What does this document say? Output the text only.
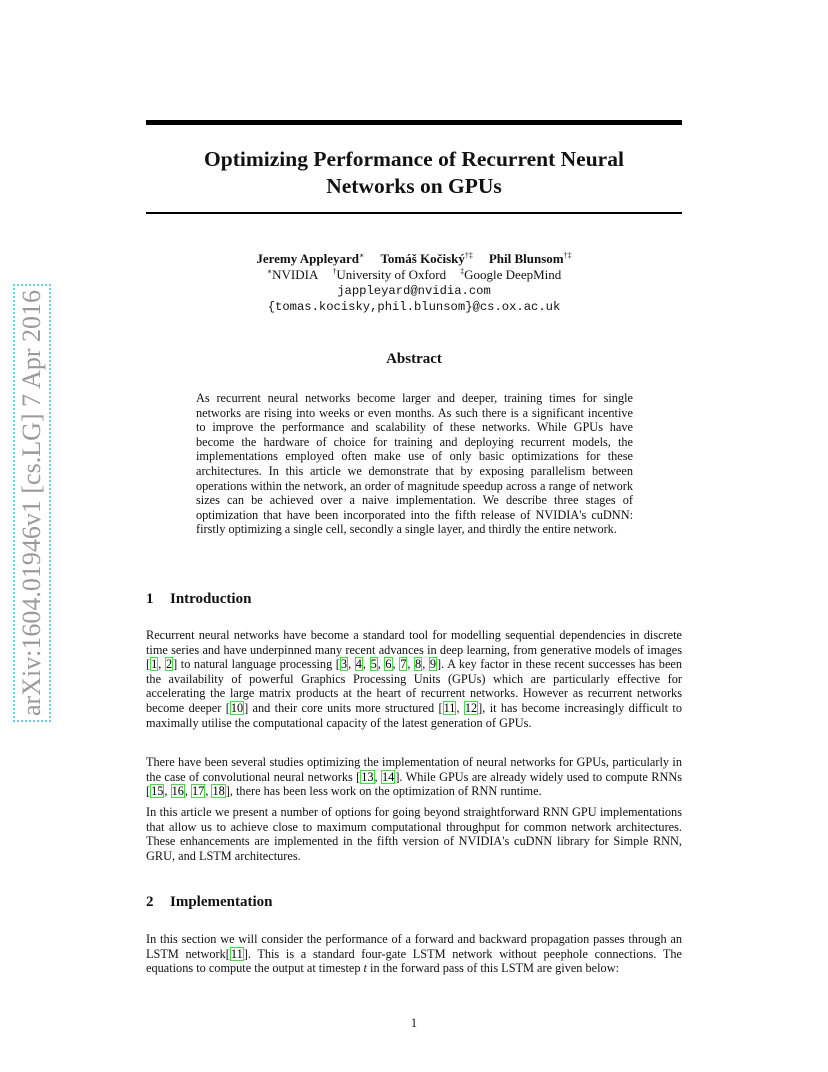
arXiv:1604.01946v1 [cs.LG] 7 Apr 2016
Optimizing Performance of Recurrent Neural
Networks on GPUs
Jeremy Appleyard∗ Tomáš Kočiský†‡ Phil Blunsom†‡
∗NVIDIA †University of Oxford ‡Google DeepMind
jappleyard@nvidia.com
{tomas.kocisky,phil.blunsom}@cs.ox.ac.uk
Abstract
As recurrent neural networks become larger and deeper, training times for single networks are rising into weeks or even months. As such there is a significant incentive to improve the performance and scalability of these networks. While GPUs have become the hardware of choice for training and deploying recurrent models, the implementations employed often make use of only basic optimizations for these architectures. In this article we demonstrate that by exposing parallelism between operations within the network, an order of magnitude speedup across a range of network sizes can be achieved over a naive implementation. We describe three stages of optimization that have been incorporated into the fifth release of NVIDIA's cuDNN: firstly optimizing a single cell, secondly a single layer, and thirdly the entire network.
1 Introduction
Recurrent neural networks have become a standard tool for modelling sequential dependencies in discrete time series and have underpinned many recent advances in deep learning, from generative models of images [1, 2] to natural language processing [3, 4, 5, 6, 7, 8, 9]. A key factor in these recent successes has been the availability of powerful Graphics Processing Units (GPUs) which are particularly effective for accelerating the large matrix products at the heart of recurrent networks. However as recurrent networks become deeper [10] and their core units more structured [11, 12], it has become increasingly difficult to maximally utilise the computational capacity of the latest generation of GPUs.
There have been several studies optimizing the implementation of neural networks for GPUs, particularly in the case of convolutional neural networks [13, 14]. While GPUs are already widely used to compute RNNs [15, 16, 17, 18], there has been less work on the optimization of RNN runtime.
In this article we present a number of options for going beyond straightforward RNN GPU implementations that allow us to achieve close to maximum computational throughput for common network architectures. These enhancements are implemented in the fifth version of NVIDIA's cuDNN library for Simple RNN, GRU, and LSTM architectures.
2 Implementation
In this section we will consider the performance of a forward and backward propagation passes through an LSTM network[11]. This is a standard four-gate LSTM network without peephole connections. The equations to compute the output at timestep t in the forward pass of this LSTM are given below:
1
